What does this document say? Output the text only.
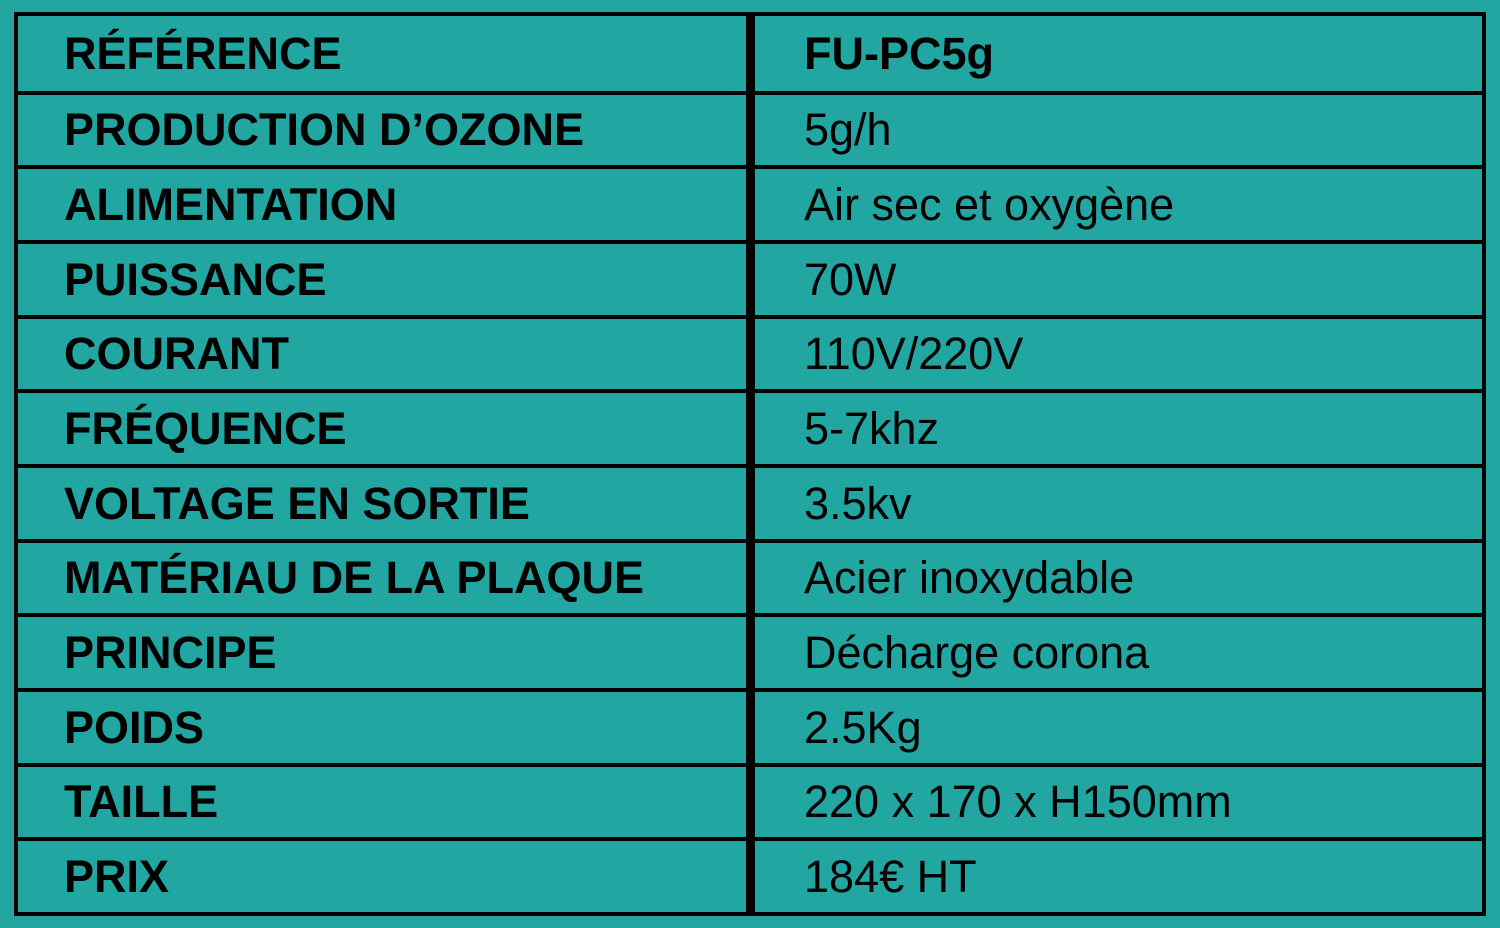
RÉFÉRENCE	FU-PC5g
PRODUCTION D’OZONE	5g/h
ALIMENTATION	Air sec et oxygène
PUISSANCE	70W
COURANT	110V/220V
FRÉQUENCE	5-7khz
VOLTAGE EN SORTIE	3.5kv
MATÉRIAU DE LA PLAQUE	Acier inoxydable
PRINCIPE	Décharge corona
POIDS	2.5Kg
TAILLE	220 x 170 x H150mm
PRIX	184€ HT
